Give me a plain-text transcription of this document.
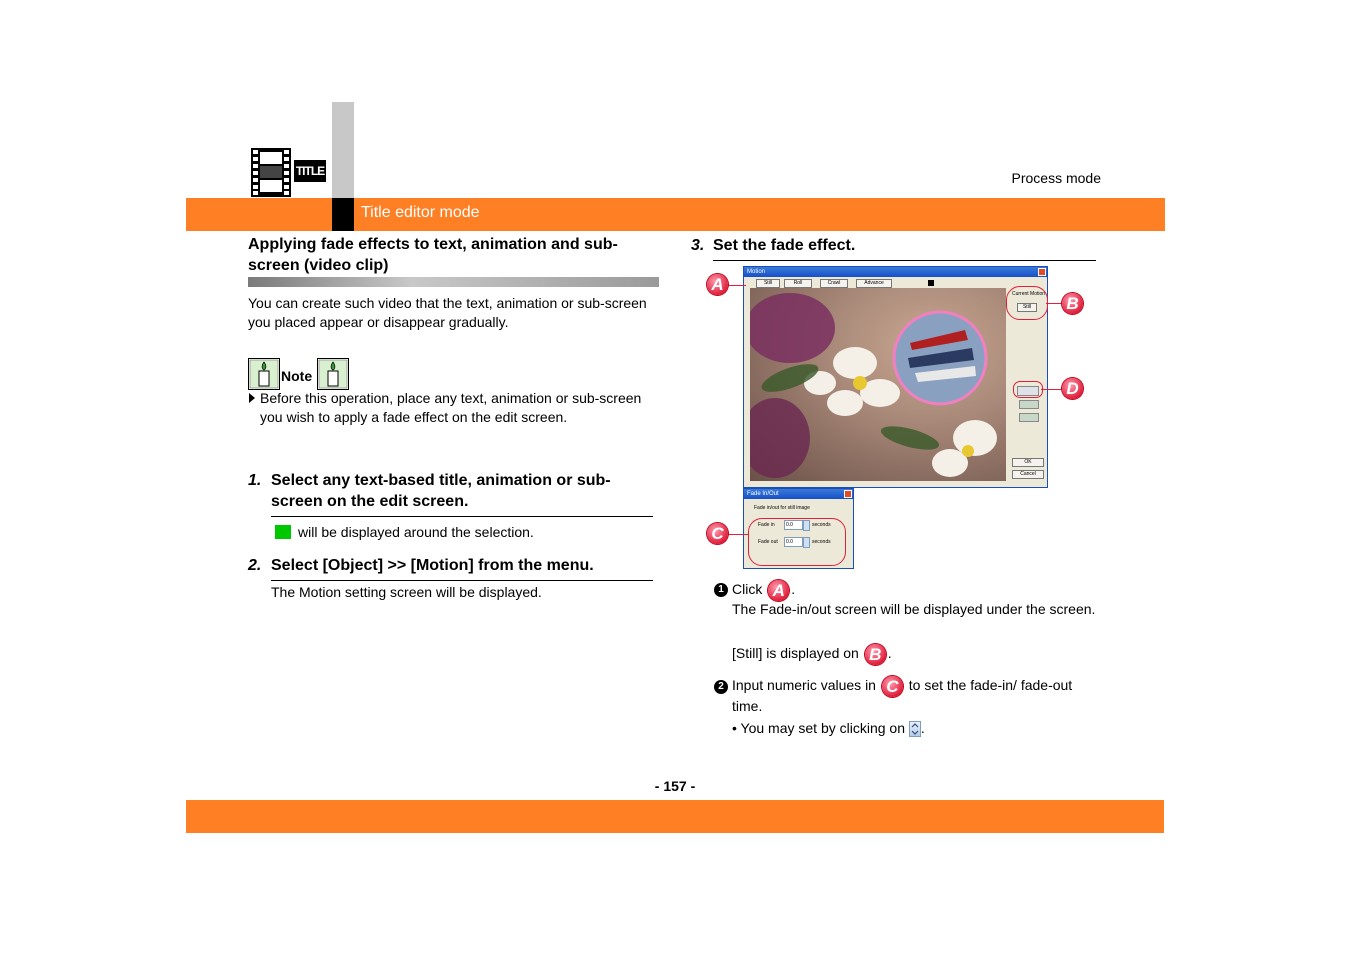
TITLE	Process mode
Title editor mode
Applying fade effects to text, animation and sub-screen (video clip)
You can create such video that the text, animation or sub-screen you placed appear or disappear gradually.
Note
Before this operation, place any text, animation or sub-screen you wish to apply a fade effect on the edit screen.
1. Select any text-based title, animation or sub-screen on the edit screen.
will be displayed around the selection.
2. Select [Object] >> [Motion] from the menu.
The Motion setting screen will be displayed.
3. Set the fade effect.
Motion
Still	Roll	Crawl	Advance
Current Motion
Still
OK
Cancel
Fade In/Out
Fade in/out for still image
Fade in	0.0	seconds
Fade out	0.0	seconds
A
B
D
C
1 Click A .
The Fade-in/out screen will be displayed under the screen.
[Still] is displayed on B .
2 Input numeric values in C to set the fade-in/ fade-out time.
• You may set by clicking on .
- 157 -
